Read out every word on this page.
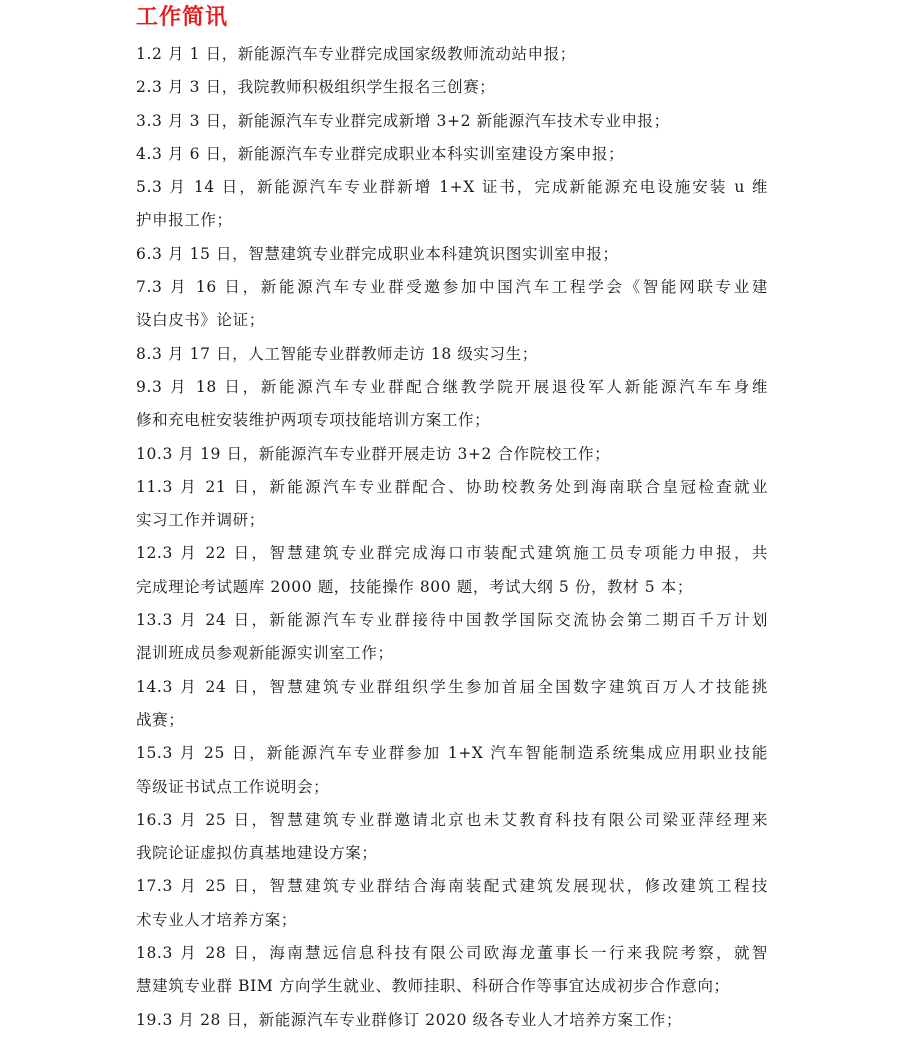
工作简讯
1.2 月 1 日，新能源汽车专业群完成国家级教师流动站申报；
2.3 月 3 日，我院教师积极组织学生报名三创赛；
3.3 月 3 日，新能源汽车专业群完成新增 3+2 新能源汽车技术专业申报；
4.3 月 6 日，新能源汽车专业群完成职业本科实训室建设方案申报；
5.3 月 14 日，新能源汽车专业群新增 1+X 证书，完成新能源充电设施安装 u 维
护申报工作；
6.3 月 15 日，智慧建筑专业群完成职业本科建筑识图实训室申报；
7.3 月 16 日，新能源汽车专业群受邀参加中国汽车工程学会《智能网联专业建
设白皮书》论证；
8.3 月 17 日，人工智能专业群教师走访 18 级实习生；
9.3 月 18 日，新能源汽车专业群配合继教学院开展退役军人新能源汽车车身维
修和充电桩安装维护两项专项技能培训方案工作；
10.3 月 19 日，新能源汽车专业群开展走访 3+2 合作院校工作；
11.3 月 21 日，新能源汽车专业群配合、协助校教务处到海南联合皇冠检查就业
实习工作并调研；
12.3 月 22 日，智慧建筑专业群完成海口市装配式建筑施工员专项能力申报，共
完成理论考试题库 2000 题，技能操作 800 题，考试大纲 5 份，教材 5 本；
13.3 月 24 日，新能源汽车专业群接待中国教学国际交流协会第二期百千万计划
混训班成员参观新能源实训室工作；
14.3 月 24 日，智慧建筑专业群组织学生参加首届全国数字建筑百万人才技能挑
战赛；
15.3 月 25 日，新能源汽车专业群参加 1+X 汽车智能制造系统集成应用职业技能
等级证书试点工作说明会；
16.3 月 25 日，智慧建筑专业群邀请北京也未艾教育科技有限公司梁亚萍经理来
我院论证虚拟仿真基地建设方案；
17.3 月 25 日，智慧建筑专业群结合海南装配式建筑发展现状，修改建筑工程技
术专业人才培养方案；
18.3 月 28 日，海南慧远信息科技有限公司欧海龙董事长一行来我院考察，就智
慧建筑专业群 BIM 方向学生就业、教师挂职、科研合作等事宜达成初步合作意向；
19.3 月 28 日，新能源汽车专业群修订 2020 级各专业人才培养方案工作；
